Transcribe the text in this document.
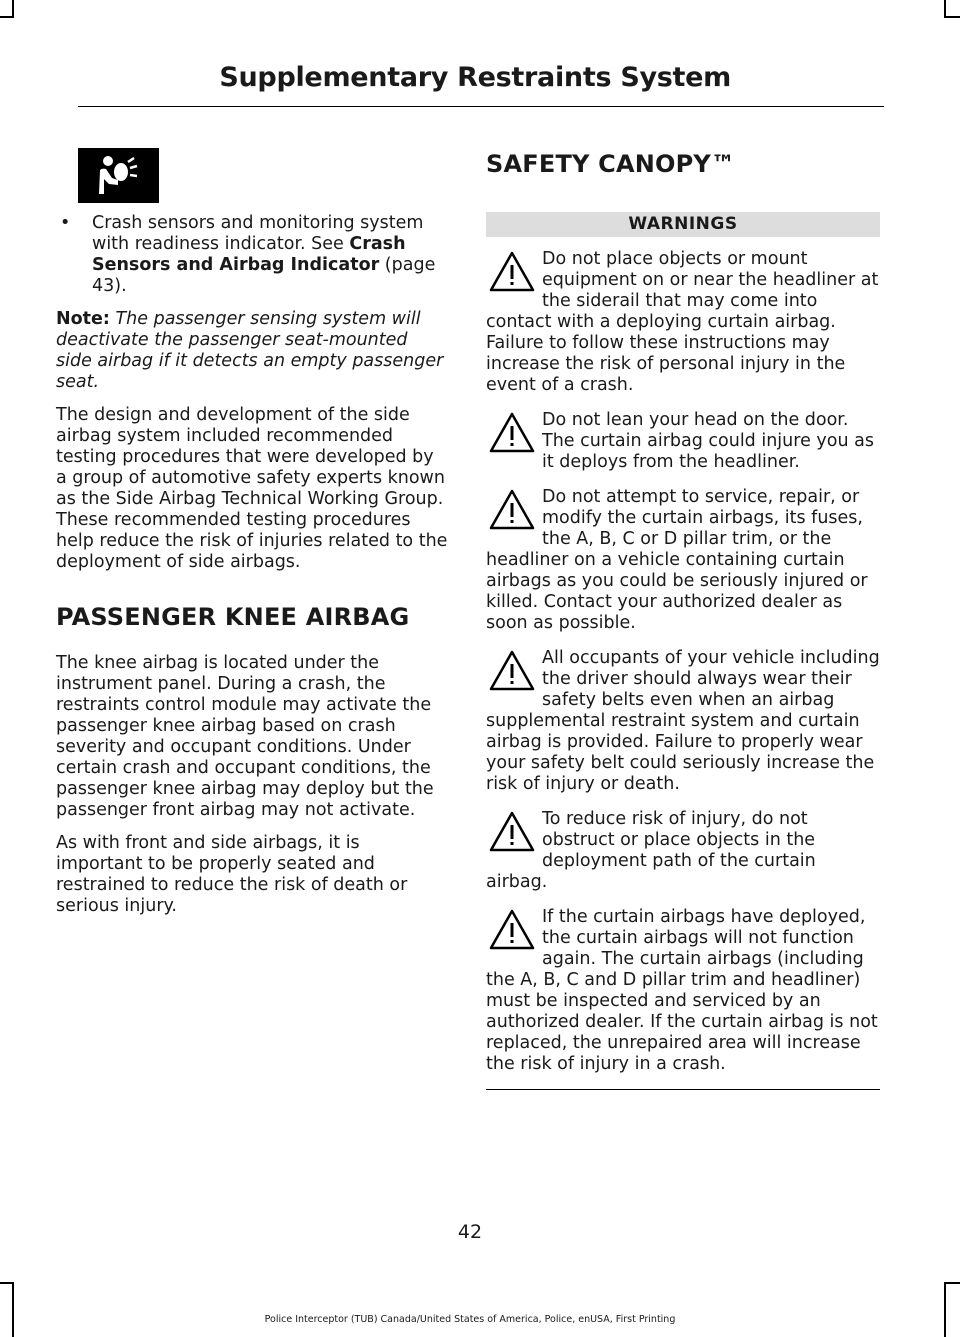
Supplementary Restraints System
•	Crash sensors and monitoring system with readiness indicator. See Crash Sensors and Airbag Indicator (page 43).

Note: The passenger sensing system will deactivate the passenger seat-mounted side airbag if it detects an empty passenger seat.

The design and development of the side airbag system included recommended testing procedures that were developed by a group of automotive safety experts known as the Side Airbag Technical Working Group. These recommended testing procedures help reduce the risk of injuries related to the deployment of side airbags.

PASSENGER KNEE AIRBAG

The knee airbag is located under the instrument panel. During a crash, the restraints control module may activate the passenger knee airbag based on crash severity and occupant conditions. Under certain crash and occupant conditions, the passenger knee airbag may deploy but the passenger front airbag may not activate.

As with front and side airbags, it is important to be properly seated and restrained to reduce the risk of death or serious injury.

SAFETY CANOPY™
WARNINGS
Do not place objects or mount equipment on or near the headliner at the siderail that may come into contact with a deploying curtain airbag. Failure to follow these instructions may increase the risk of personal injury in the event of a crash.
Do not lean your head on the door. The curtain airbag could injure you as it deploys from the headliner.
Do not attempt to service, repair, or modify the curtain airbags, its fuses, the A, B, C or D pillar trim, or the headliner on a vehicle containing curtain airbags as you could be seriously injured or killed. Contact your authorized dealer as soon as possible.
All occupants of your vehicle including the driver should always wear their safety belts even when an airbag supplemental restraint system and curtain airbag is provided. Failure to properly wear your safety belt could seriously increase the risk of injury or death.
To reduce risk of injury, do not obstruct or place objects in the deployment path of the curtain airbag.
If the curtain airbags have deployed, the curtain airbags will not function again. The curtain airbags (including the A, B, C and D pillar trim and headliner) must be inspected and serviced by an authorized dealer. If the curtain airbag is not replaced, the unrepaired area will increase the risk of injury in a crash.
42
Police Interceptor (TUB) Canada/United States of America, Police, enUSA, First Printing
